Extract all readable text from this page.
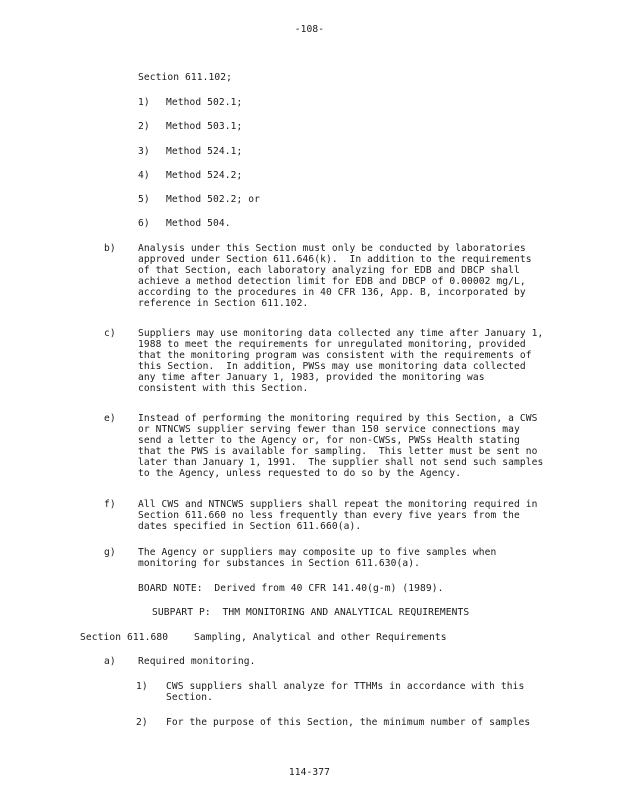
-108-
Section 611.102;
1) Method 502.1;
2) Method 503.1;
3) Method 524.1;
4) Method 524.2;
5) Method 502.2; or
6) Method 504.
b) Analysis under this Section must only be conducted by laboratories
approved under Section 611.646(k).  In addition to the requirements
of that Section, each laboratory analyzing for EDB and DBCP shall
achieve a method detection limit for EDB and DBCP of 0.00002 mg/L,
according to the procedures in 40 CFR 136, App. B, incorporated by
reference in Section 611.102.
c) Suppliers may use monitoring data collected any time after January 1,
1988 to meet the requirements for unregulated monitoring, provided
that the monitoring program was consistent with the requirements of
this Section.  In addition, PWSs may use monitoring data collected
any time after January 1, 1983, provided the monitoring was
consistent with this Section.
e) Instead of performing the monitoring required by this Section, a CWS
or NTNCWS supplier serving fewer than 150 service connections may
send a letter to the Agency or, for non-CWSs, PWSs Health stating
that the PWS is available for sampling.  This letter must be sent no
later than January 1, 1991.  The supplier shall not send such samples
to the Agency, unless requested to do so by the Agency.
f) All CWS and NTNCWS suppliers shall repeat the monitoring required in
Section 611.660 no less frequently than every five years from the
dates specified in Section 611.660(a).
g) The Agency or suppliers may composite up to five samples when
monitoring for substances in Section 611.630(a).
BOARD NOTE:  Derived from 40 CFR 141.40(g-m) (1989).
SUBPART P:  THM MONITORING AND ANALYTICAL REQUIREMENTS
Section 611.680	Sampling, Analytical and other Requirements
a) Required monitoring.
1) CWS suppliers shall analyze for TTHMs in accordance with this
Section.
2) For the purpose of this Section, the minimum number of samples
114-377
